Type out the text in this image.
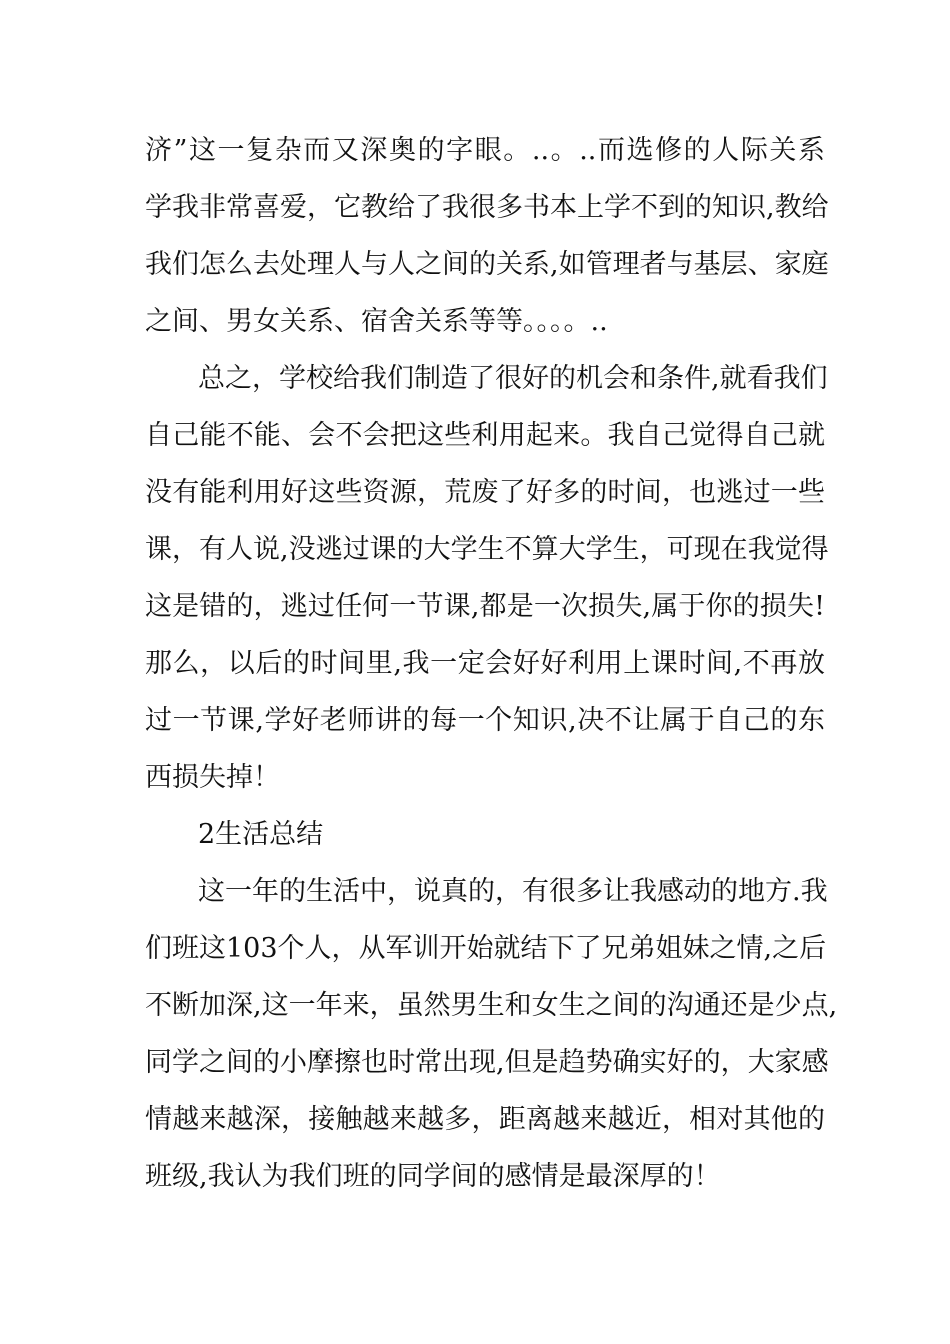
济”这一复杂而又深奥的字眼。..。..而选修的人际关系
学我非常喜爱，它教给了我很多书本上学不到的知识,教给
我们怎么去处理人与人之间的关系,如管理者与基层、家庭
之间、男女关系、宿舍关系等等。。。。..
总之，学校给我们制造了很好的机会和条件,就看我们
自己能不能、会不会把这些利用起来。我自己觉得自己就
没有能利用好这些资源，荒废了好多的时间，也逃过一些
课，有人说,没逃过课的大学生不算大学生，可现在我觉得
这是错的，逃过任何一节课,都是一次损失,属于你的损失!
那么，以后的时间里,我一定会好好利用上课时间,不再放
过一节课,学好老师讲的每一个知识,决不让属于自己的东
西损失掉！
2生活总结
这一年的生活中，说真的，有很多让我感动的地方.我
们班这103个人，从军训开始就结下了兄弟姐妹之情,之后
不断加深,这一年来，虽然男生和女生之间的沟通还是少点,
同学之间的小摩擦也时常出现,但是趋势确实好的，大家感
情越来越深，接触越来越多，距离越来越近，相对其他的
班级,我认为我们班的同学间的感情是最深厚的！
